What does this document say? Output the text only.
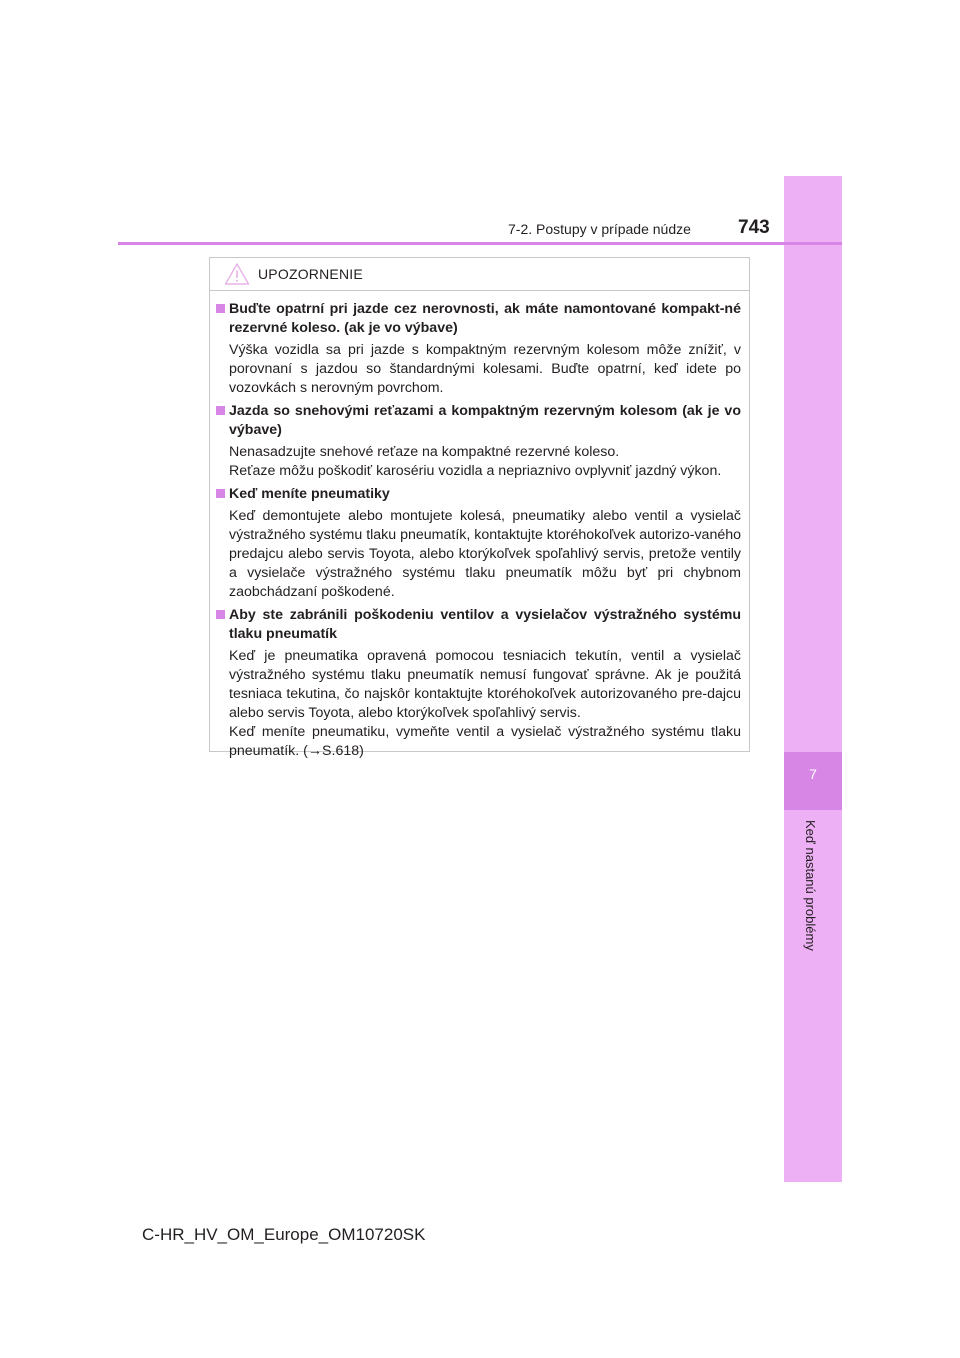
7
Keď nastanú problémy
7-2. Postupy v prípade núdze 743
UPOZORNENIE
Buďte opatrní pri jazde cez nerovnosti, ak máte namontované kompakt-né rezervné koleso. (ak je vo výbave)

Výška vozidla sa pri jazde s kompaktným rezervným kolesom môže znížiť, v porovnaní s jazdou so štandardnými kolesami. Buďte opatrní, keď idete po vozovkách s nerovným povrchom.

Jazda so snehovými reťazami a kompaktným rezervným kolesom (ak je vo výbave)

Nenasadzujte snehové reťaze na kompaktné rezervné koleso.

Reťaze môžu poškodiť karosériu vozidla a nepriaznivo ovplyvniť jazdný výkon.

Keď meníte pneumatiky

Keď demontujete alebo montujete kolesá, pneumatiky alebo ventil a vysielač výstražného systému tlaku pneumatík, kontaktujte ktoréhokoľvek autorizo-vaného predajcu alebo servis Toyota, alebo ktorýkoľvek spoľahlivý servis, pretože ventily a vysielače výstražného systému tlaku pneumatík môžu byť pri chybnom zaobchádzaní poškodené.

Aby ste zabránili poškodeniu ventilov a vysielačov výstražného systému tlaku pneumatík

Keď je pneumatika opravená pomocou tesniacich tekutín, ventil a vysielač výstražného systému tlaku pneumatík nemusí fungovať správne. Ak je použitá tesniaca tekutina, čo najskôr kontaktujte ktoréhokoľvek autorizovaného pre-dajcu alebo servis Toyota, alebo ktorýkoľvek spoľahlivý servis.

Keď meníte pneumatiku, vymeňte ventil a vysielač výstražného systému tlaku pneumatík. (→S.618)

C-HR_HV_OM_Europe_OM10720SK
